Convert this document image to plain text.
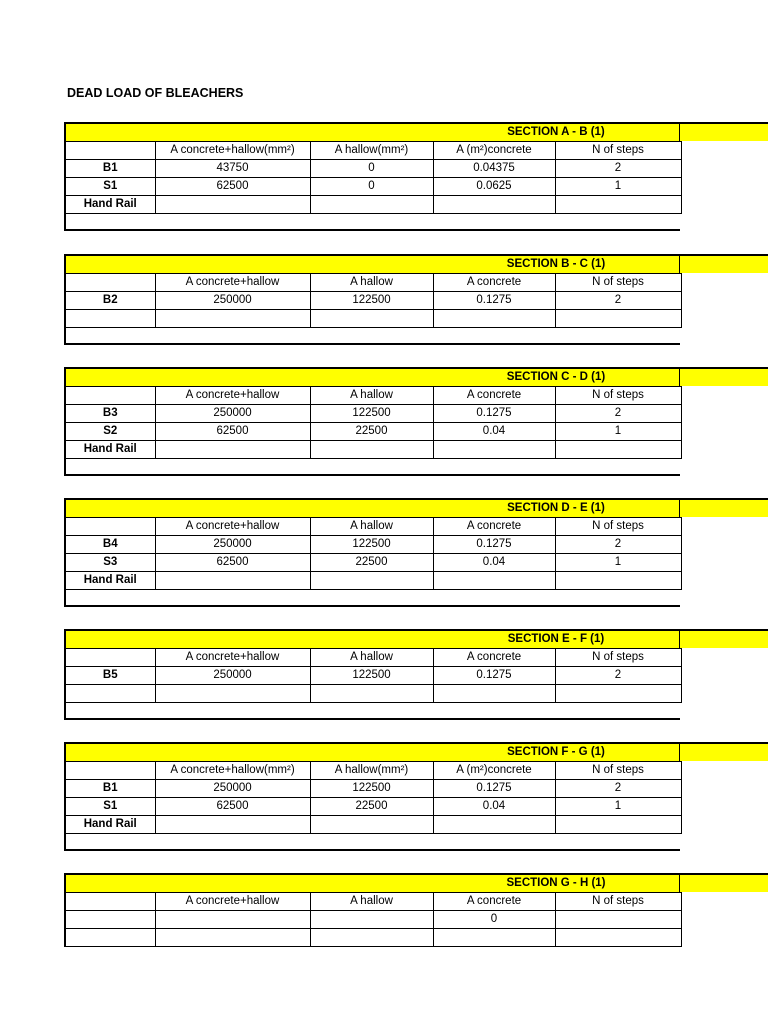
DEAD LOAD OF BLEACHERS
SECTION A - B (1)
	A concrete+hallow(mm²)	A hallow(mm²)	A (m²)concrete	N of steps
B1	43750	0	0.04375	2
S1	62500	0	0.0625	1
Hand Rail				
SECTION B - C (1)
	A concrete+hallow	A hallow	A concrete	N of steps
B2	250000	122500	0.1275	2

SECTION C - D (1)
	A concrete+hallow	A hallow	A concrete	N of steps
B3	250000	122500	0.1275	2
S2	62500	22500	0.04	1
Hand Rail				
SECTION D - E (1)
	A concrete+hallow	A hallow	A concrete	N of steps
B4	250000	122500	0.1275	2
S3	62500	22500	0.04	1
Hand Rail				
SECTION E - F (1)
	A concrete+hallow	A hallow	A concrete	N of steps
B5	250000	122500	0.1275	2

SECTION F - G (1)
	A concrete+hallow(mm²)	A hallow(mm²)	A (m²)concrete	N of steps
B1	250000	122500	0.1275	2
S1	62500	22500	0.04	1
Hand Rail				
SECTION G - H (1)
	A concrete+hallow	A hallow	A concrete	N of steps
			0	
